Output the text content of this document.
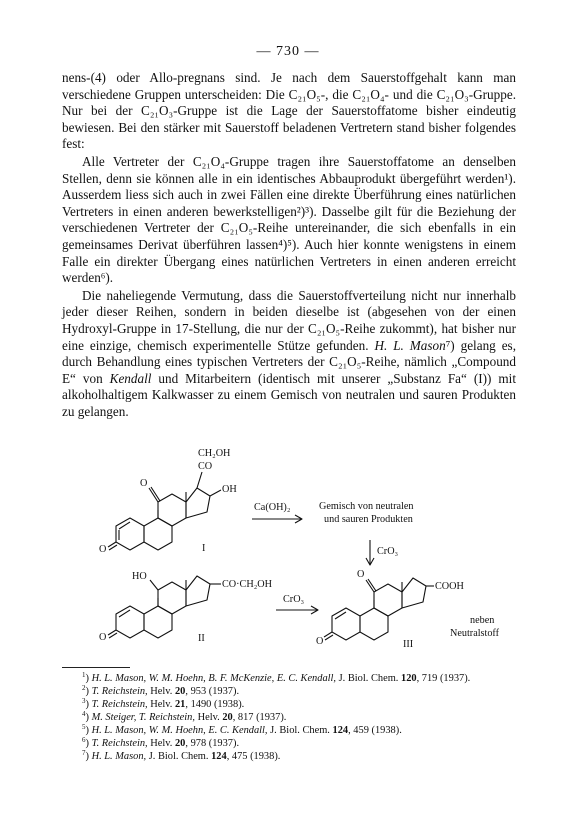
— 730 —

nens-(4) oder Allo-pregnans sind. Je nach dem Sauerstoffgehalt kann man verschiedene Gruppen unterscheiden: Die C₂₁O₅-, die C₂₁O₄- und die C₂₁O₃-Gruppe. Nur bei der C₂₁O₃-Gruppe ist die Lage der Sauerstoffatome bisher eindeutig bewiesen. Bei den stärker mit Sauerstoff beladenen Vertretern stand bisher folgendes fest:

Alle Vertreter der C₂₁O₄-Gruppe tragen ihre Sauerstoffatome an denselben Stellen, denn sie können alle in ein identisches Abbauprodukt übergeführt werden¹). Ausserdem liess sich auch in zwei Fällen eine direkte Überführung eines natürlichen Vertreters in einen anderen bewerkstelligen²)³). Dasselbe gilt für die Beziehung der verschiedenen Vertreter der C₂₁O₅-Reihe untereinander, die sich ebenfalls in ein gemeinsames Derivat überführen lassen⁴)⁵). Auch hier konnte wenigstens in einem Falle ein direkter Übergang eines natürlichen Vertreters in einen anderen erreicht werden⁶).

Die naheliegende Vermutung, dass die Sauerstoffverteilung nicht nur innerhalb jeder dieser Reihen, sondern in beiden dieselbe ist (abgesehen von der einen Hydroxyl-Gruppe in 17-Stellung, die nur der C₂₁O₅-Reihe zukommt), hat bisher nur eine einzige, chemisch experimentelle Stütze gefunden. H. L. Mason⁷) gelang es, durch Behandlung eines typischen Vertreters der C₂₁O₅-Reihe, nämlich „Compound E“ von Kendall und Mitarbeitern (identisch mit unserer „Substanz Fa“ (I)) mit alkoholhaltigem Kalkwasser zu einem Gemisch von neutralen und sauren Produkten zu gelangen.

CH₂OH
CO
OH
O
O	I
Ca(OH)₂	Gemisch von neutralen
und sauren Produkten
CrO₃
HO
CO·CH₂OH
O	II
CrO₃
O
COOH
O	III
neben
Neutralstoff

$^1$) H. L. Mason, W. M. Hoehn, B. F. McKenzie, E. C. Kendall, J. Biol. Chem. 120, 719 (1937).

$^2$) T. Reichstein, Helv. 20, 953 (1937).

$^3$) T. Reichstein, Helv. 21, 1490 (1938).

$^4$) M. Steiger, T. Reichstein, Helv. 20, 817 (1937).

$^5$) H. L. Mason, W. M. Hoehn, E. C. Kendall, J. Biol. Chem. 124, 459 (1938).

$^6$) T. Reichstein, Helv. 20, 978 (1937).

$^7$) H. L. Mason, J. Biol. Chem. 124, 475 (1938).
